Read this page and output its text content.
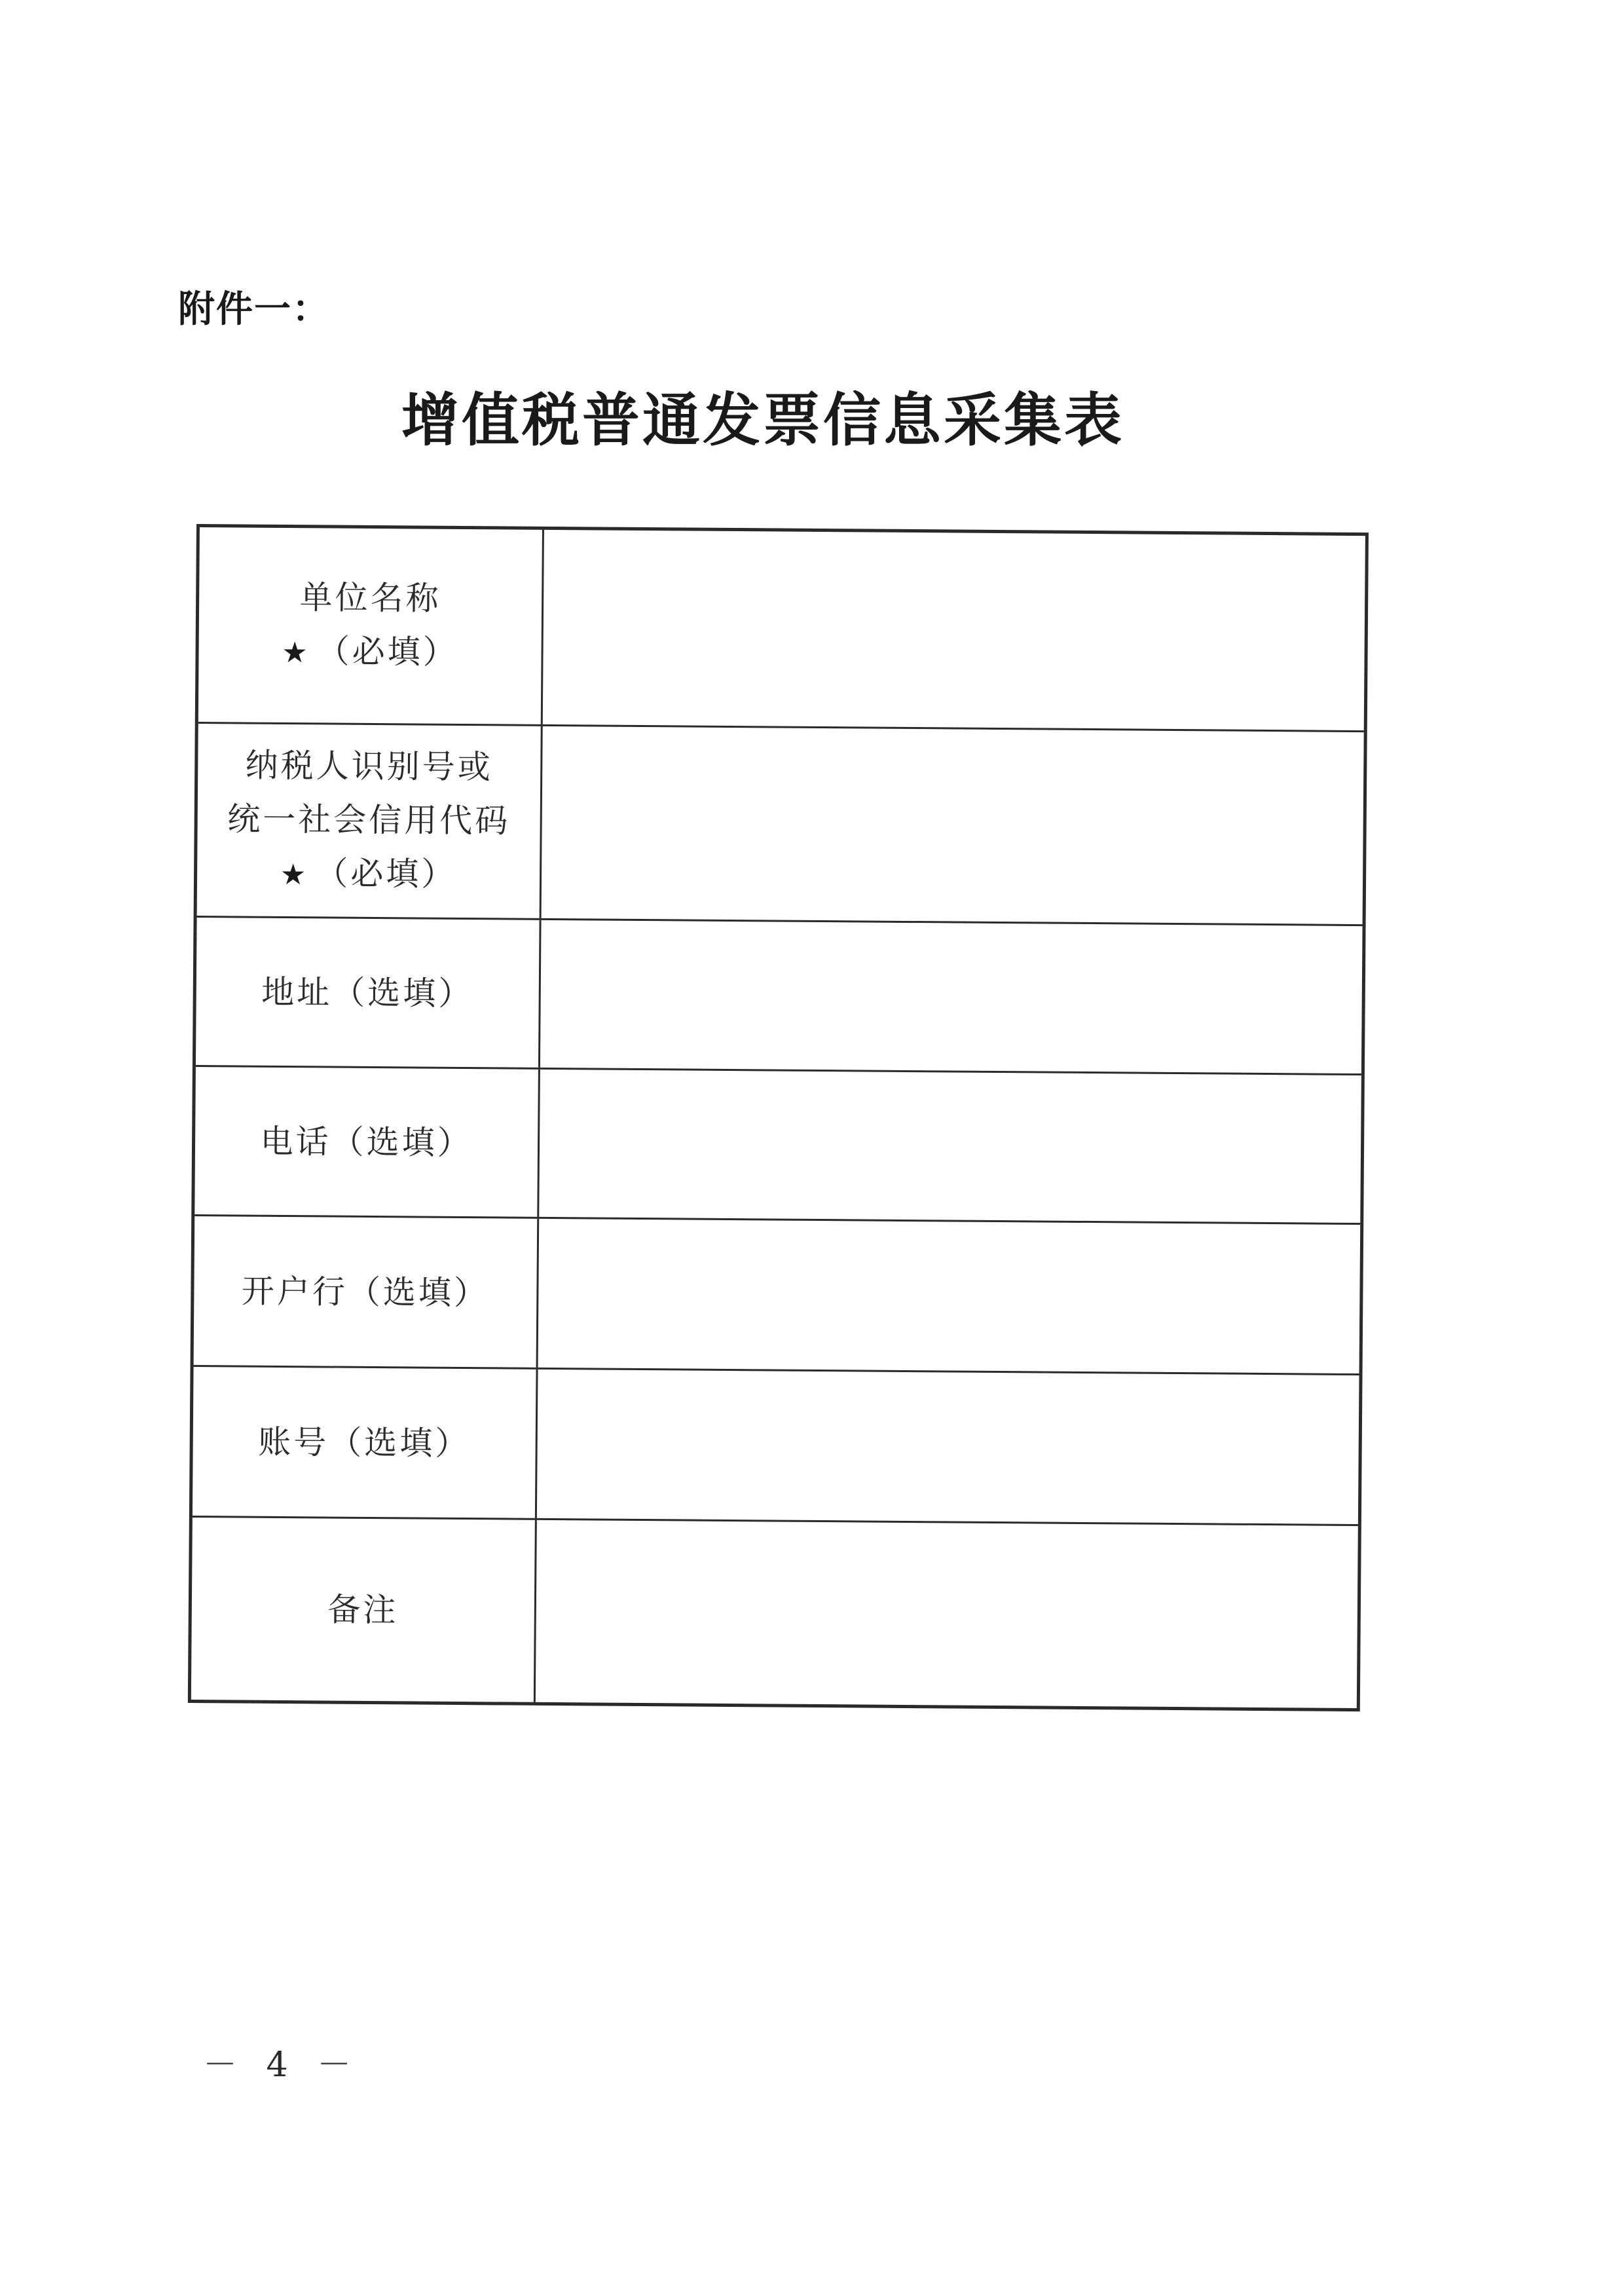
附件一：
增值税普通发票信息采集表
单位名称
★ （必填）
纳税人识别号或
统一社会信用代码
★ （必填）
地址（选填）
电话（选填）
开户行（选填）
账号（选填）
备注
－ 4 －
